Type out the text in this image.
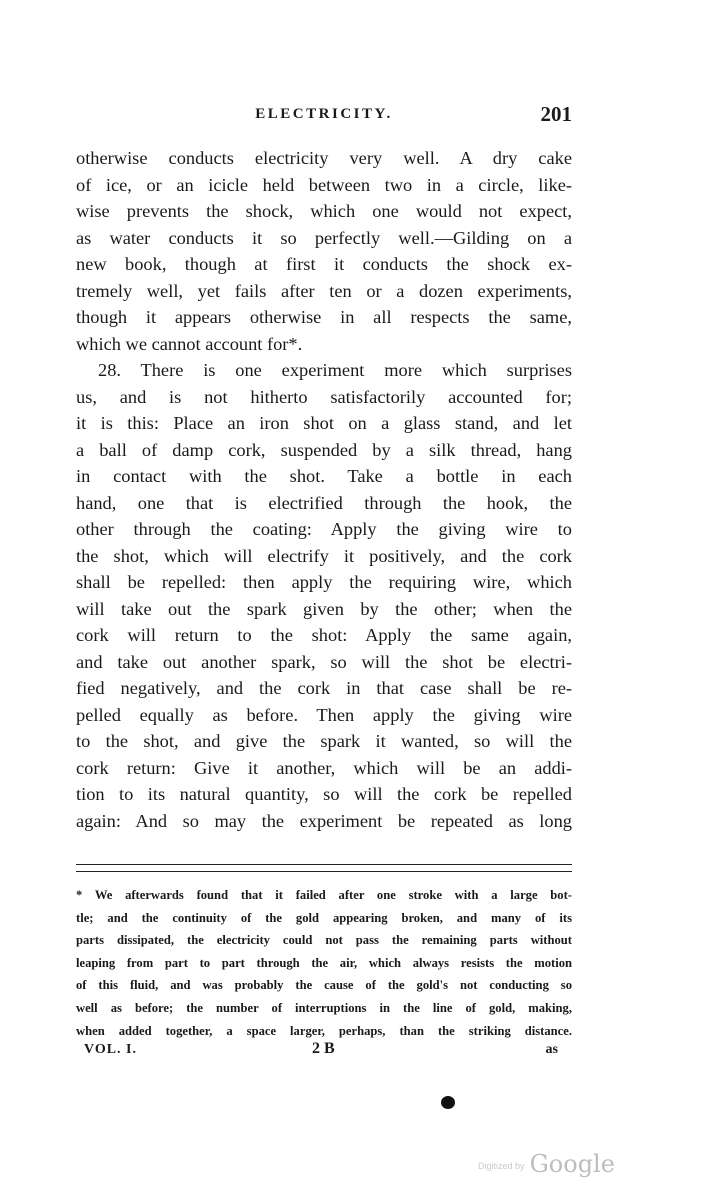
ELECTRICITY.	201

otherwise conducts electricity very well. A dry cake
of ice, or an icicle held between two in a circle, like-
wise prevents the shock, which one would not expect,
as water conducts it so perfectly well.—Gilding on a
new book, though at first it conducts the shock ex-
tremely well, yet fails after ten or a dozen experiments,
though it appears otherwise in all respects the same,
which we cannot account for*.

28. There is one experiment more which surprises
us, and is not hitherto satisfactorily accounted for;
it is this: Place an iron shot on a glass stand, and let
a ball of damp cork, suspended by a silk thread, hang
in contact with the shot. Take a bottle in each
hand, one that is electrified through the hook, the
other through the coating: Apply the giving wire to
the shot, which will electrify it positively, and the cork
shall be repelled: then apply the requiring wire, which
will take out the spark given by the other; when the
cork will return to the shot: Apply the same again,
and take out another spark, so will the shot be electri-
fied negatively, and the cork in that case shall be re-
pelled equally as before. Then apply the giving wire
to the shot, and give the spark it wanted, so will the
cork return: Give it another, which will be an addi-
tion to its natural quantity, so will the cork be repelled
again: And so may the experiment be repeated as long

* We afterwards found that it failed after one stroke with a large bot-
tle; and the continuity of the gold appearing broken, and many of its
parts dissipated, the electricity could not pass the remaining parts without
leaping from part to part through the air, which always resists the motion
of this fluid, and was probably the cause of the gold's not conducting so
well as before; the number of interruptions in the line of gold, making,
when added together, a space larger, perhaps, than the striking distance.
VOL. I.	2 B	as
Digitized by Google
